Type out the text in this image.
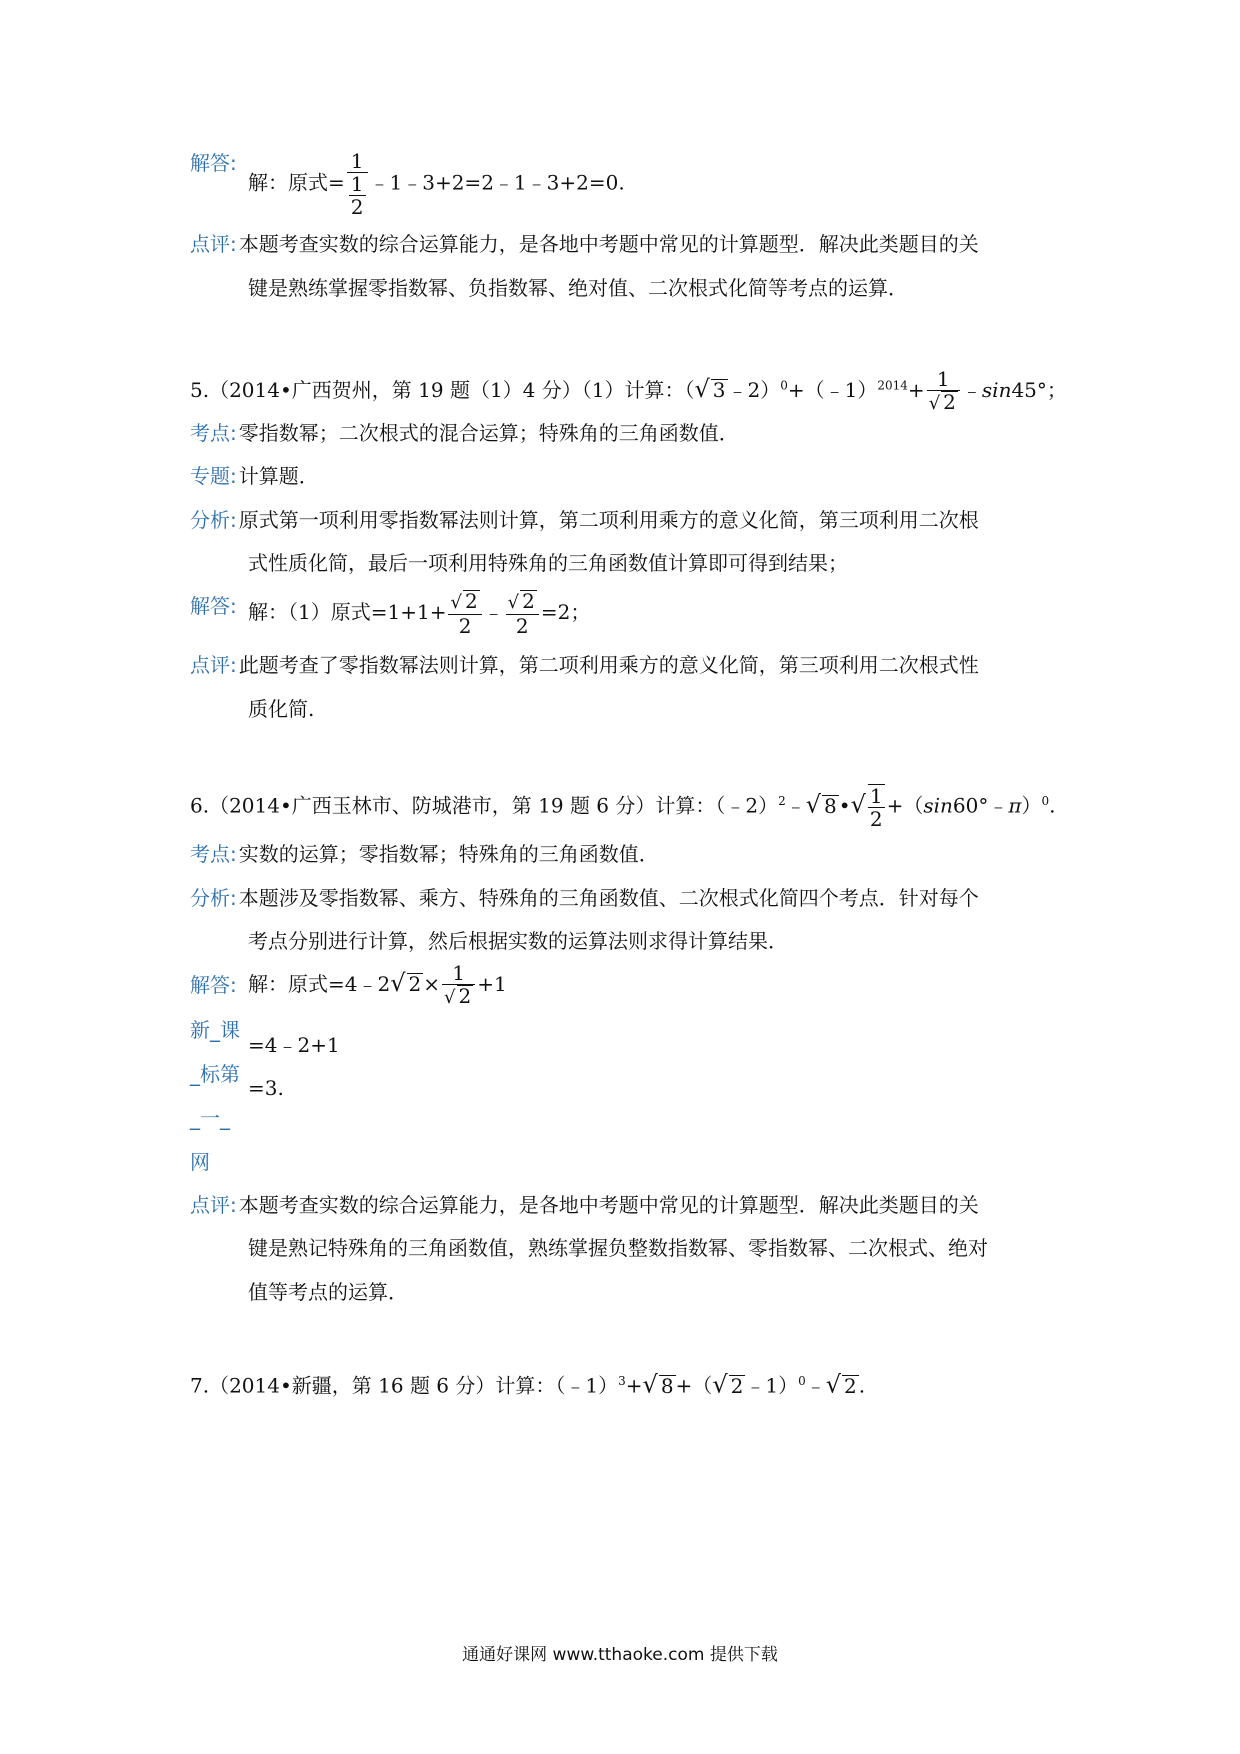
解答:
解：原式= $\frac{1}{\frac{1}{2}}$ ﹣1﹣3+2=2﹣1﹣3+2=0.
点评: 本题考查实数的综合运算能力，是各地中考题中常见的计算题型．解决此类题目的关
键是熟练掌握零指数幂、负指数幂、绝对值、二次根式化简等考点的运算．
5.（2014•广西贺州，第 19 题（1）4 分）（1）计算：（√ 3 ﹣2）$^0$+（﹣1）$^{2014}$+ $\frac{1}{√ 2}$ ﹣sin45°；
考点: 零指数幂；二次根式的混合运算；特殊角的三角函数值．
专题: 计算题．
分析: 原式第一项利用零指数幂法则计算，第二项利用乘方的意义化简，第三项利用二次根
式性质化简，最后一项利用特殊角的三角函数值计算即可得到结果；
解答: 解：（1）原式$=1+1+ \frac{√ 2}{2}$ ﹣ $\frac{√ 2}{2} =2$；
点评: 此题考查了零指数幂法则计算，第二项利用乘方的意义化简，第三项利用二次根式性
质化简.
6.（2014•广西玉林市、防城港市，第 19 题 6 分）计算：（﹣2）$^2$﹣√ 8 •√ $\frac{1}{2}$ +（sin60°﹣π）$^0$.
考点: 实数的运算；零指数幂；特殊角的三角函数值．
分析: 本题涉及零指数幂、乘方、特殊角的三角函数值、二次根式化简四个考点．针对每个
考点分别进行计算，然后根据实数的运算法则求得计算结果．
解答: 解：原式=4﹣2√ $2 \times \frac{1}{√ 2} +1$
=4﹣2+1
=3.
新_课
_标第
_一_
网
点评: 本题考查实数的综合运算能力，是各地中考题中常见的计算题型．解决此类题目的关
键是熟记特殊角的三角函数值，熟练掌握负整数指数幂、零指数幂、二次根式、绝对
值等考点的运算．
7.（2014•新疆，第 16 题 6 分）计算：（﹣1）$^3$+√ 8 +（√ 2 ﹣1）$^0$﹣√ 2 .
通通好课网 www.tthaoke.com 提供下载
